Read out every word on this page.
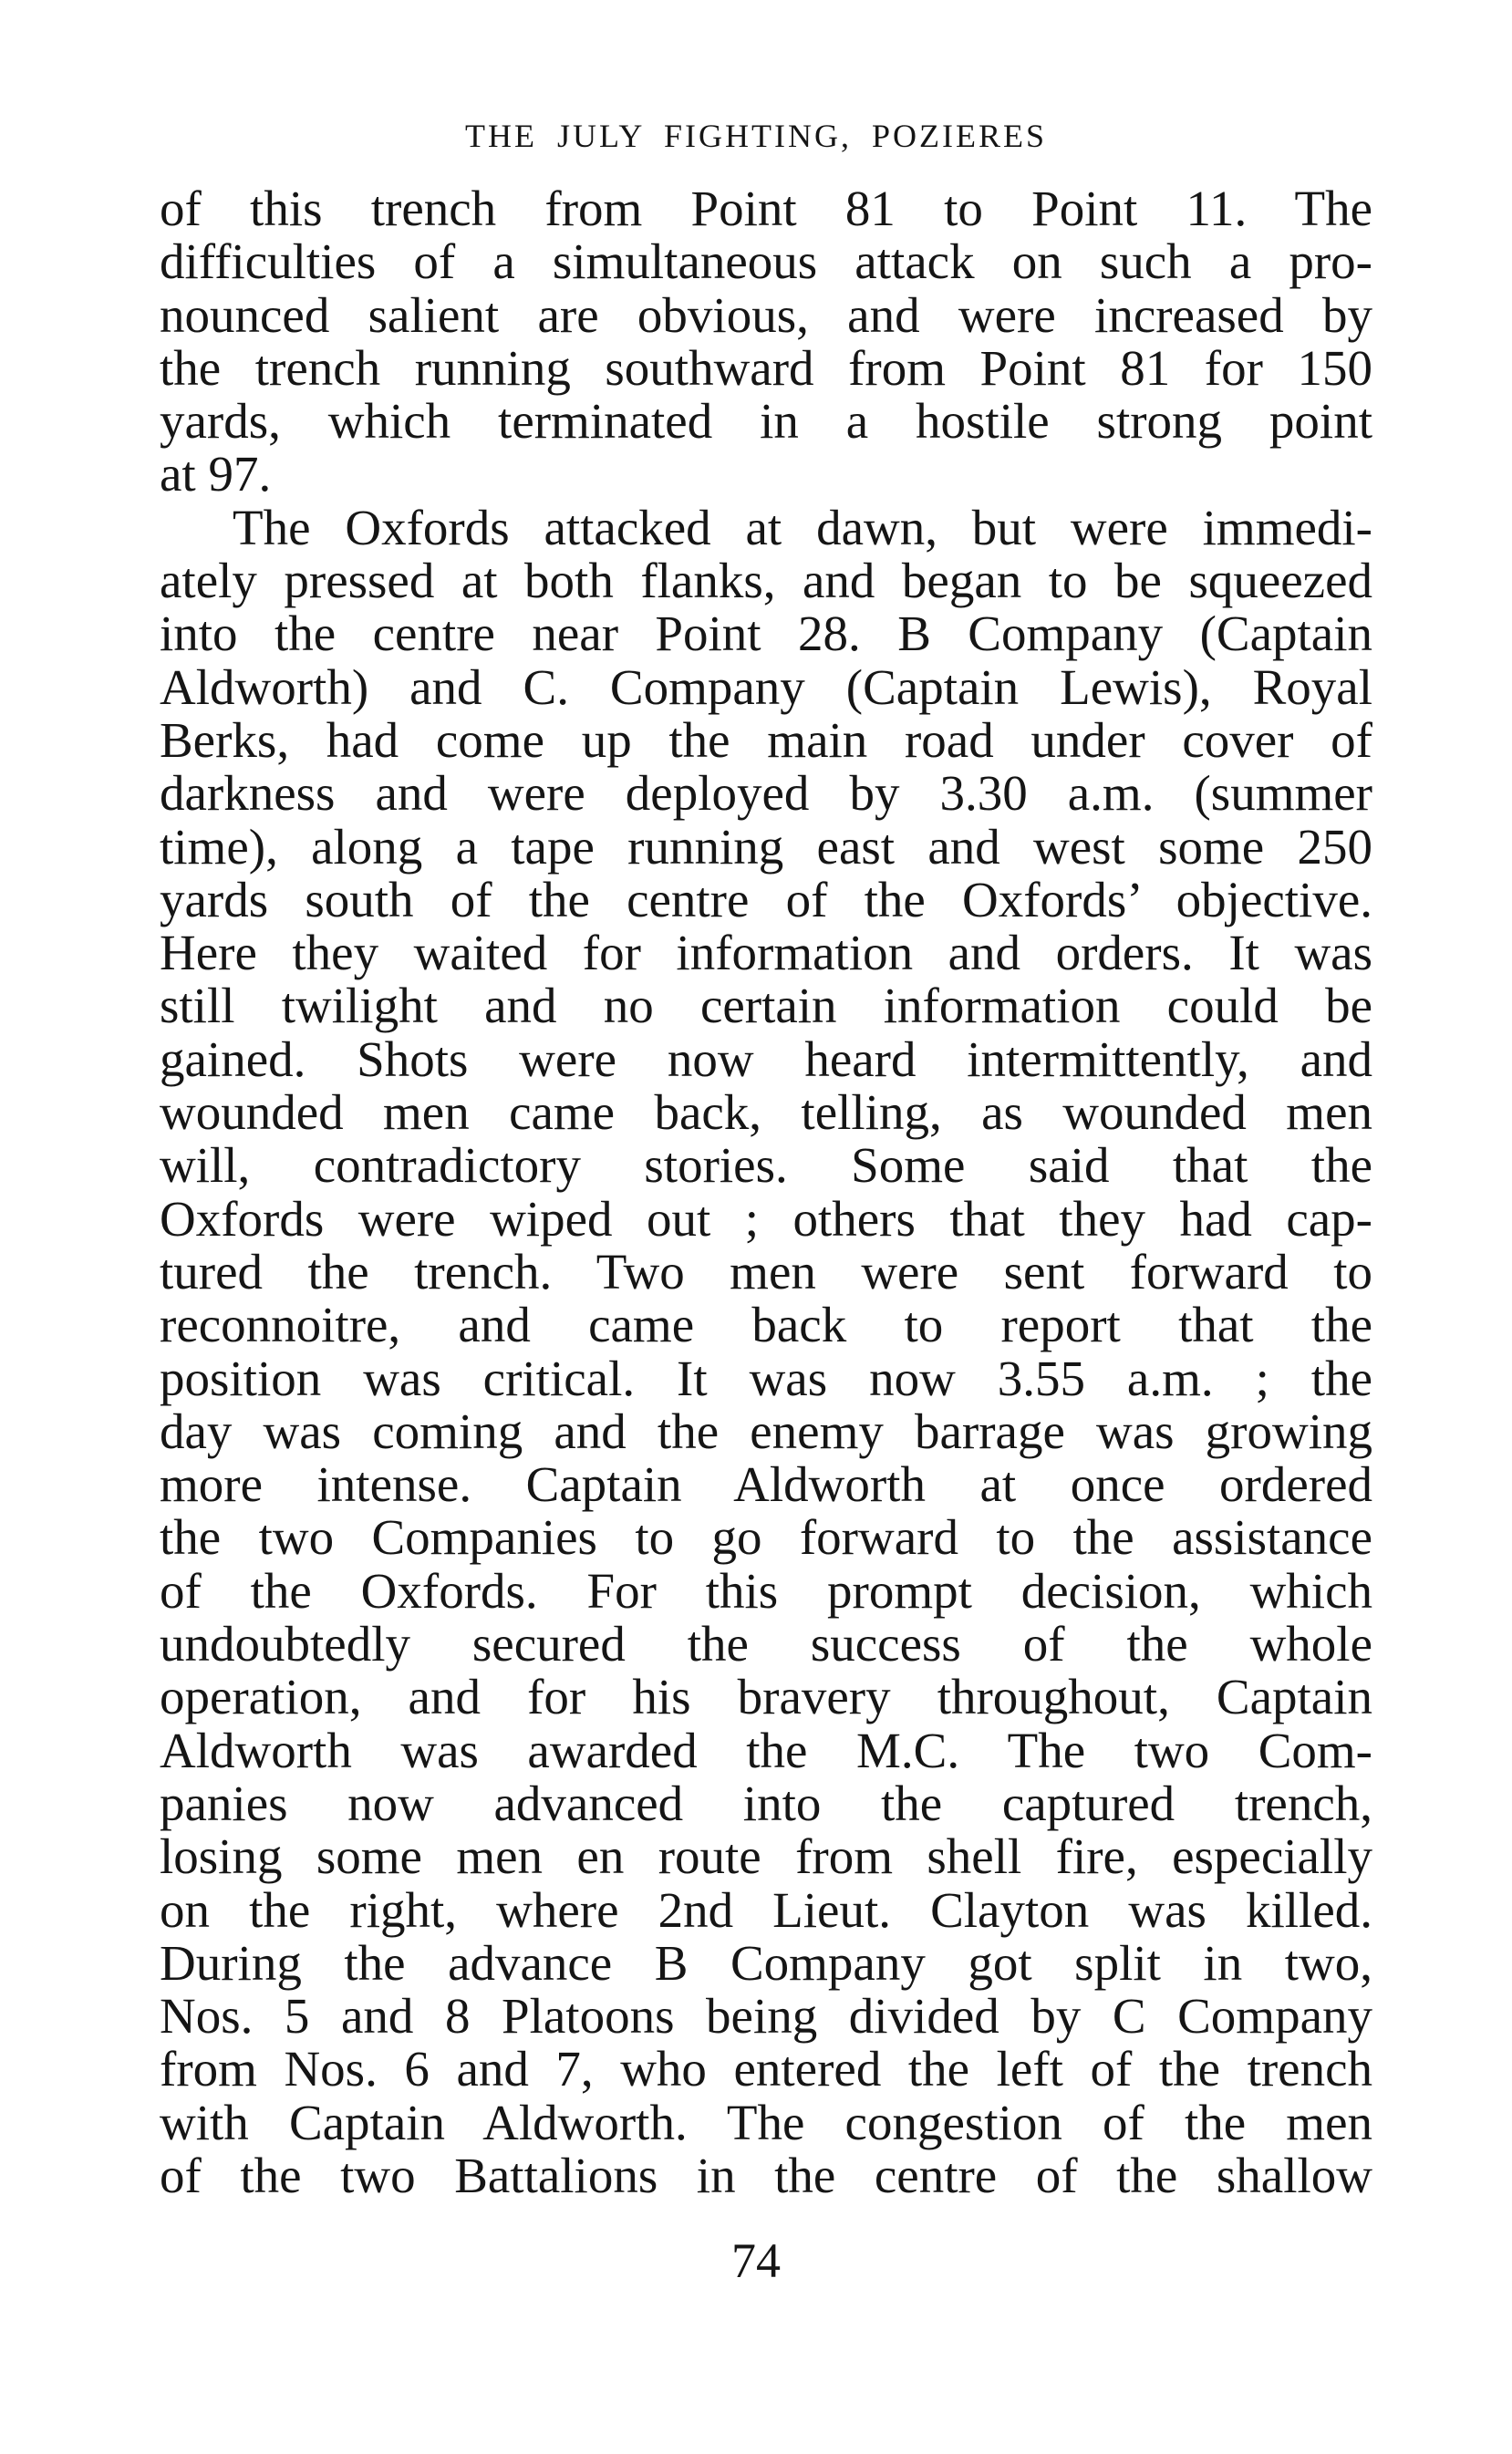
THE JULY FIGHTING, POZIERES
of this trench from Point 81 to Point 11. The
difficulties of a simultaneous attack on such a pro-
nounced salient are obvious, and were increased by
the trench running southward from Point 81 for 150
yards, which terminated in a hostile strong point
at 97.
The Oxfords attacked at dawn, but were immedi-
ately pressed at both flanks, and began to be squeezed
into the centre near Point 28. B Company (Captain
Aldworth) and C. Company (Captain Lewis), Royal
Berks, had come up the main road under cover of
darkness and were deployed by 3.30 a.m. (summer
time), along a tape running east and west some 250
yards south of the centre of the Oxfords’ objective.
Here they waited for information and orders. It was
still twilight and no certain information could be
gained. Shots were now heard intermittently, and
wounded men came back, telling, as wounded men
will, contradictory stories. Some said that the
Oxfords were wiped out ; others that they had cap-
tured the trench. Two men were sent forward to
reconnoitre, and came back to report that the
position was critical. It was now 3.55 a.m. ; the
day was coming and the enemy barrage was growing
more intense. Captain Aldworth at once ordered
the two Companies to go forward to the assistance
of the Oxfords. For this prompt decision, which
undoubtedly secured the success of the whole
operation, and for his bravery throughout, Captain
Aldworth was awarded the M.C. The two Com-
panies now advanced into the captured trench,
losing some men en route from shell fire, especially
on the right, where 2nd Lieut. Clayton was killed.
During the advance B Company got split in two,
Nos. 5 and 8 Platoons being divided by C Company
from Nos. 6 and 7, who entered the left of the trench
with Captain Aldworth. The congestion of the men
of the two Battalions in the centre of the shallow
74
